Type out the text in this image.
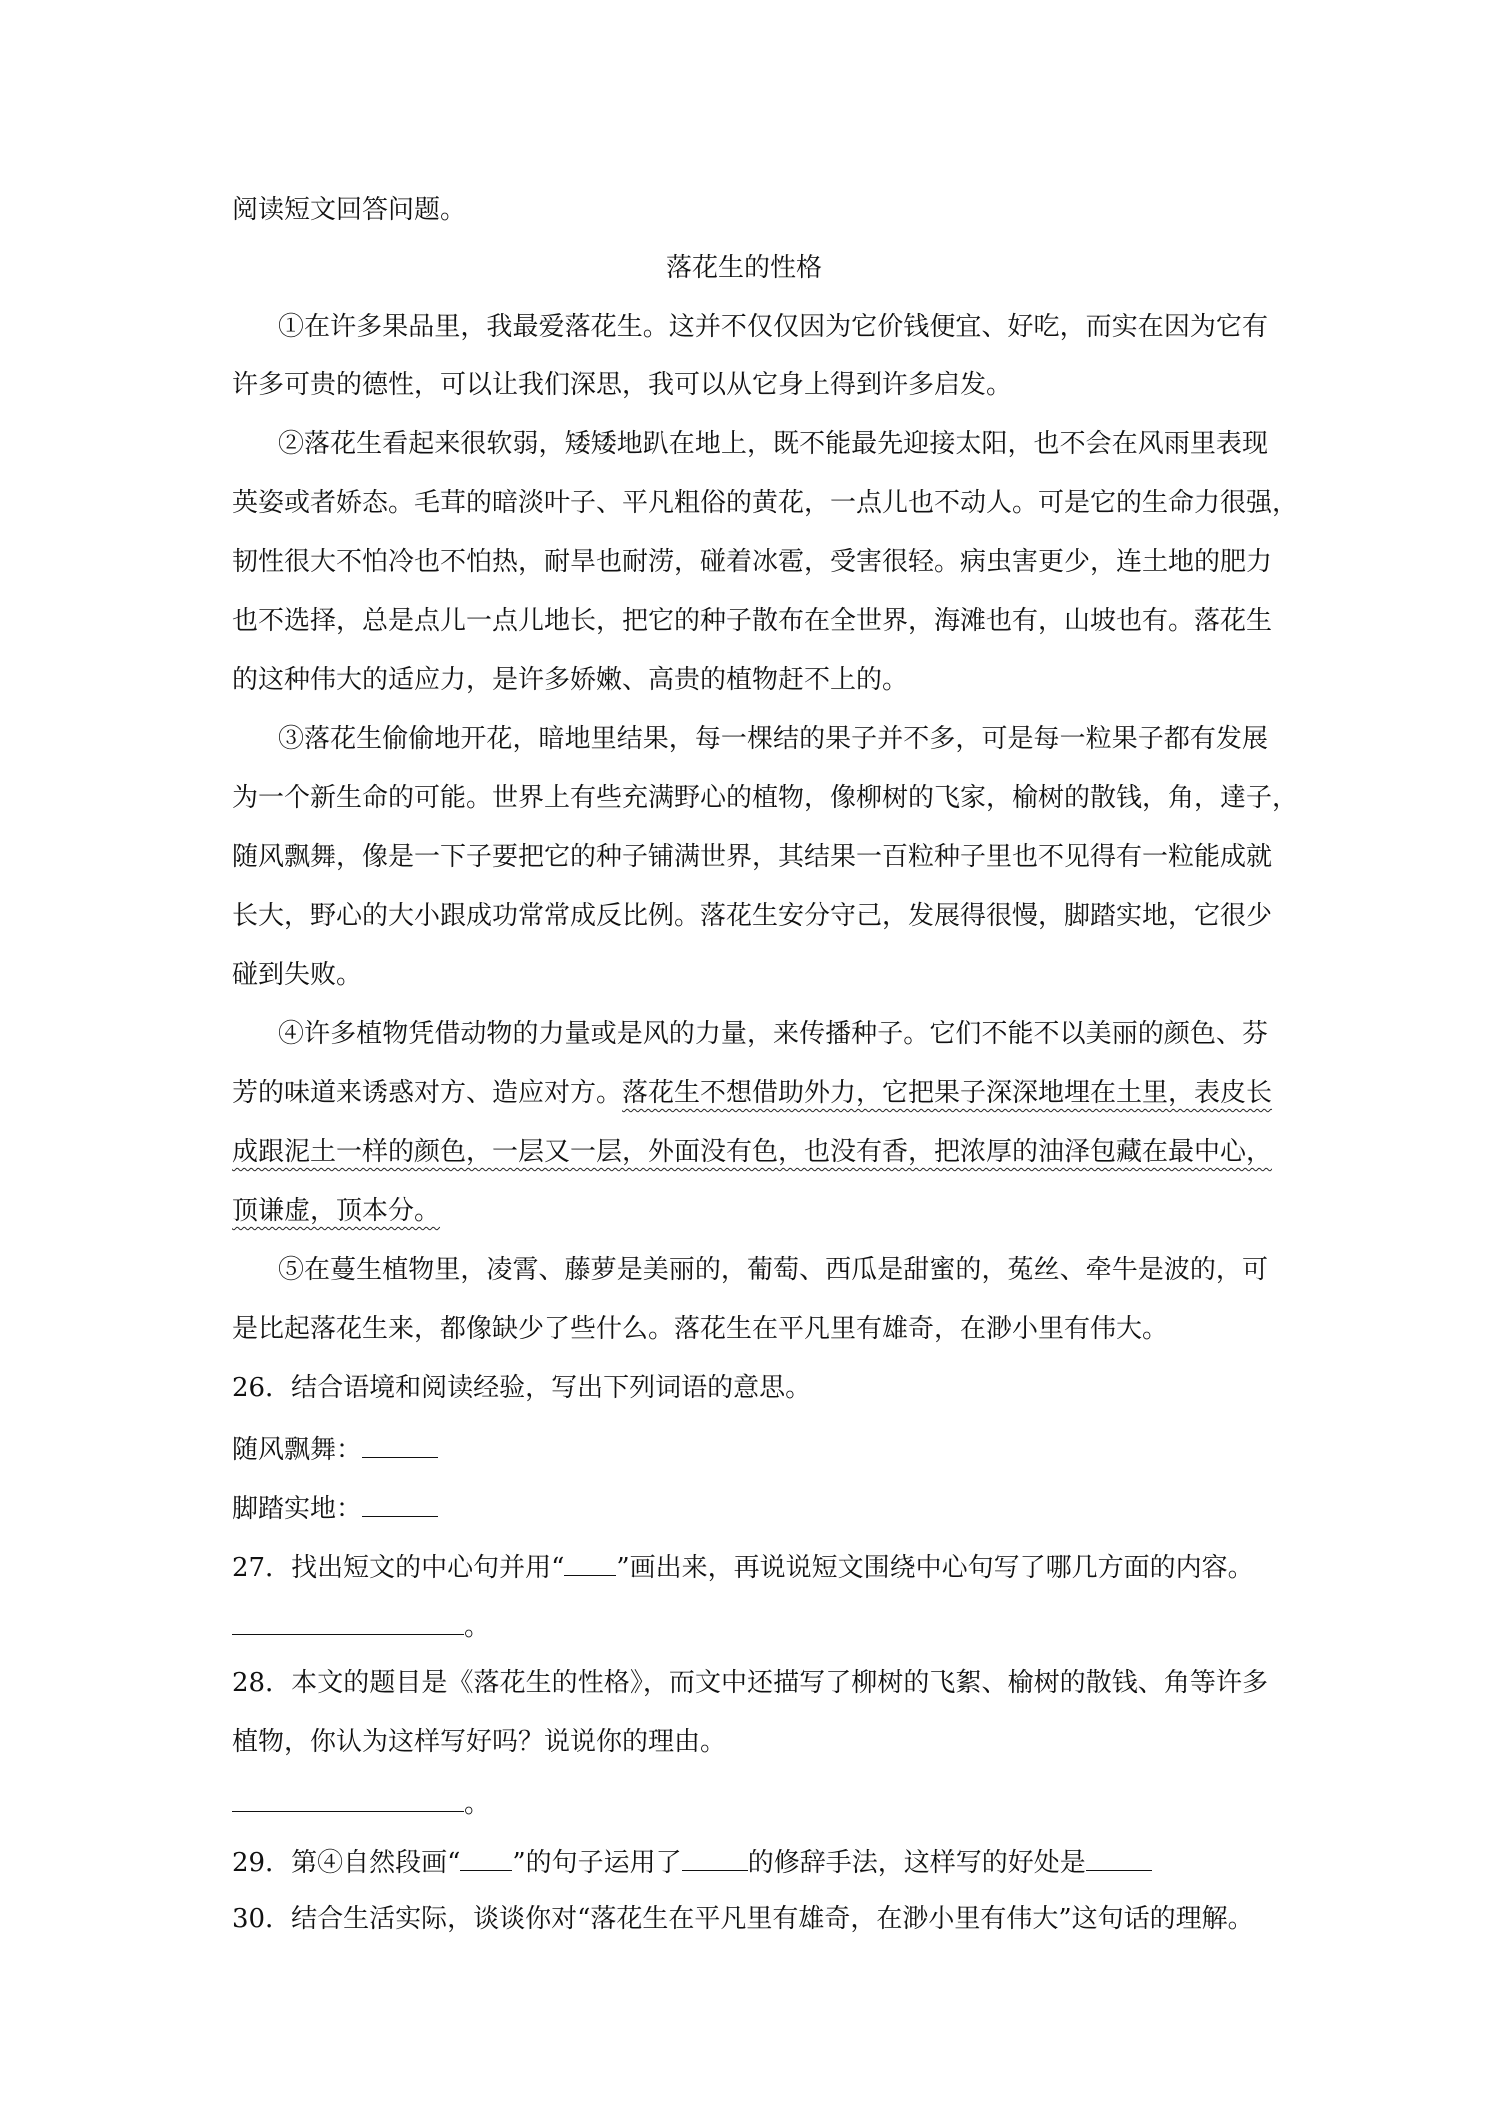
阅读短文回答问题。
落花生的性格
①在许多果品里，我最爱落花生。这并不仅仅因为它价钱便宜、好吃，而实在因为它有
许多可贵的德性，可以让我们深思，我可以从它身上得到许多启发。
②落花生看起来很软弱，矮矮地趴在地上，既不能最先迎接太阳，也不会在风雨里表现
英姿或者娇态。毛茸的暗淡叶子、平凡粗俗的黄花，一点儿也不动人。可是它的生命力很强，
韧性很大不怕冷也不怕热，耐旱也耐涝，碰着冰雹，受害很轻。病虫害更少，连土地的肥力
也不选择，总是点儿一点儿地长，把它的种子散布在全世界，海滩也有，山坡也有。落花生
的这种伟大的适应力，是许多娇嫩、高贵的植物赶不上的。
③落花生偷偷地开花，暗地里结果，每一棵结的果子并不多，可是每一粒果子都有发展
为一个新生命的可能。世界上有些充满野心的植物，像柳树的飞家，榆树的散钱，角，達子，
随风飘舞，像是一下子要把它的种子铺满世界，其结果一百粒种子里也不见得有一粒能成就
长大，野心的大小跟成功常常成反比例。落花生安分守己，发展得很慢，脚踏实地，它很少
碰到失败。
④许多植物凭借动物的力量或是风的力量，来传播种子。它们不能不以美丽的颜色、芬
芳的味道来诱惑对方、造应对方。落花生不想借助外力，它把果子深深地埋在土里，表皮长
成跟泥土一样的颜色，一层又一层，外面没有色，也没有香，把浓厚的油泽包藏在最中心，
顶谦虚，顶本分。
⑤在蔓生植物里，凌霄、藤萝是美丽的，葡萄、西瓜是甜蜜的，菟丝、牵牛是波的，可
是比起落花生来，都像缺少了些什么。落花生在平凡里有雄奇，在渺小里有伟大。
26．结合语境和阅读经验，写出下列词语的意思。
随风飘舞：
脚踏实地：
27．找出短文的中心句并用“ ”画出来，再说说短文围绕中心句写了哪几方面的内容。
。
28．本文的题目是《落花生的性格》，而文中还描写了柳树的飞絮、榆树的散钱、角等许多
植物，你认为这样写好吗？说说你的理由。
。
29．第④自然段画“ ”的句子运用了	的修辞手法，这样写的好处是
30．结合生活实际，谈谈你对“落花生在平凡里有雄奇，在渺小里有伟大”这句话的理解。
